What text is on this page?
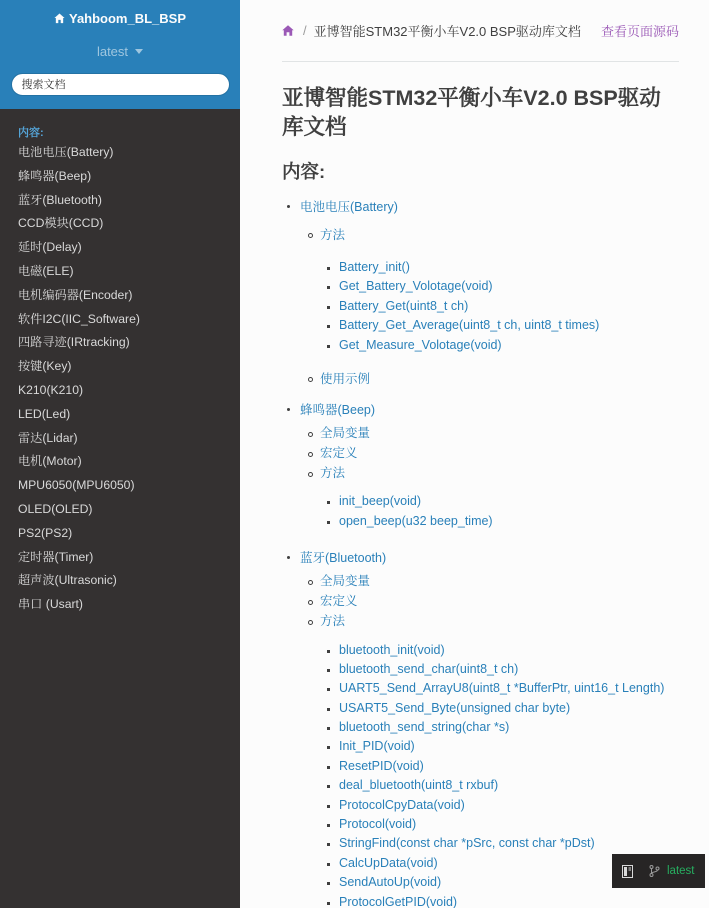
Yahboom_BL_BSP
latest
搜索文档
内容:
电池电压(Battery)
蜂鸣器(Beep)
蓝牙(Bluetooth)
CCD模块(CCD)
延时(Delay)
电磁(ELE)
电机编码器(Encoder)
软件I2C(IIC_Software)
四路寻迹(IRtracking)
按键(Key)
K210(K210)
LED(Led)
雷达(Lidar)
电机(Motor)
MPU6050(MPU6050)
OLED(OLED)
PS2(PS2)
定时器(Timer)
超声波(Ultrasonic)
串口 (Usart)
/ 亚博智能STM32平衡小车V2.0 BSP驱动库文档 查看页面源码
亚博智能STM32平衡小车V2.0 BSP驱动库文档
内容:
电池电压(Battery)
方法
Battery_init()
Get_Battery_Volotage(void)
Battery_Get(uint8_t ch)
Battery_Get_Average(uint8_t ch, uint8_t times)
Get_Measure_Volotage(void)
使用示例
蜂鸣器(Beep)
全局变量
宏定义
方法
init_beep(void)
open_beep(u32 beep_time)
蓝牙(Bluetooth)
全局变量
宏定义
方法
bluetooth_init(void)
bluetooth_send_char(uint8_t ch)
UART5_Send_ArrayU8(uint8_t *BufferPtr, uint16_t Length)
USART5_Send_Byte(unsigned char byte)
bluetooth_send_string(char *s)
Init_PID(void)
ResetPID(void)
deal_bluetooth(uint8_t rxbuf)
ProtocolCpyData(void)
Protocol(void)
StringFind(const char *pSrc, const char *pDst)
CalcUpData(void)
SendAutoUp(void)
ProtocolGetPID(void)
latest
